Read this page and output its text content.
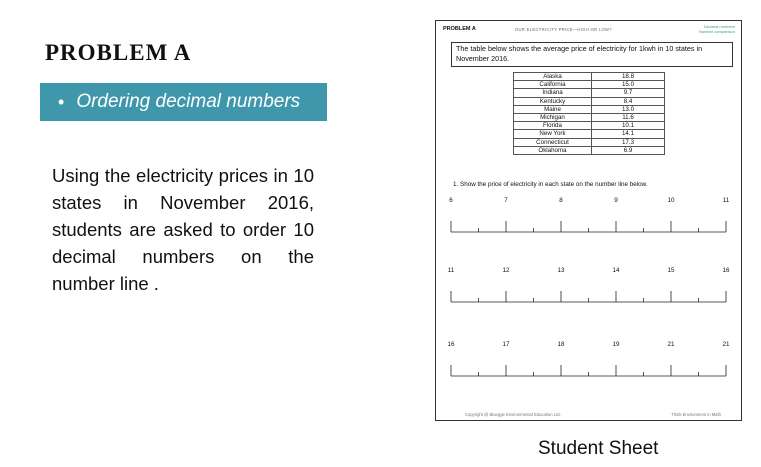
PROBLEM A
• Ordering decimal numbers
Using the electricity prices in 10 states in November 2016, students are asked to order 10 decimal numbers on the number line .
PROBLEM A	OUR ELECTRICITY PRICE—HIGH OR LOW?
Decimal numbers
Number comparison
The table below shows the average price of electricity for 1kwh in 10 states in November 2016.
Alaska	18.8
California	15.0
Indiana	9.7
Kentucky	8.4
Maine	13.0
Michigan	11.6
Florida	10.1
New York	14.1
Connecticut	17.3
Oklahoma	6.9
1. Show the price of electricity in each state on the number line below.
6	7	8	9	10	11
11	12	13	14	15	16
16	17	18	19	21	21
Copyright @ Bluegge Environmental Education Ltd.	Think Environment in Math
Student Sheet
